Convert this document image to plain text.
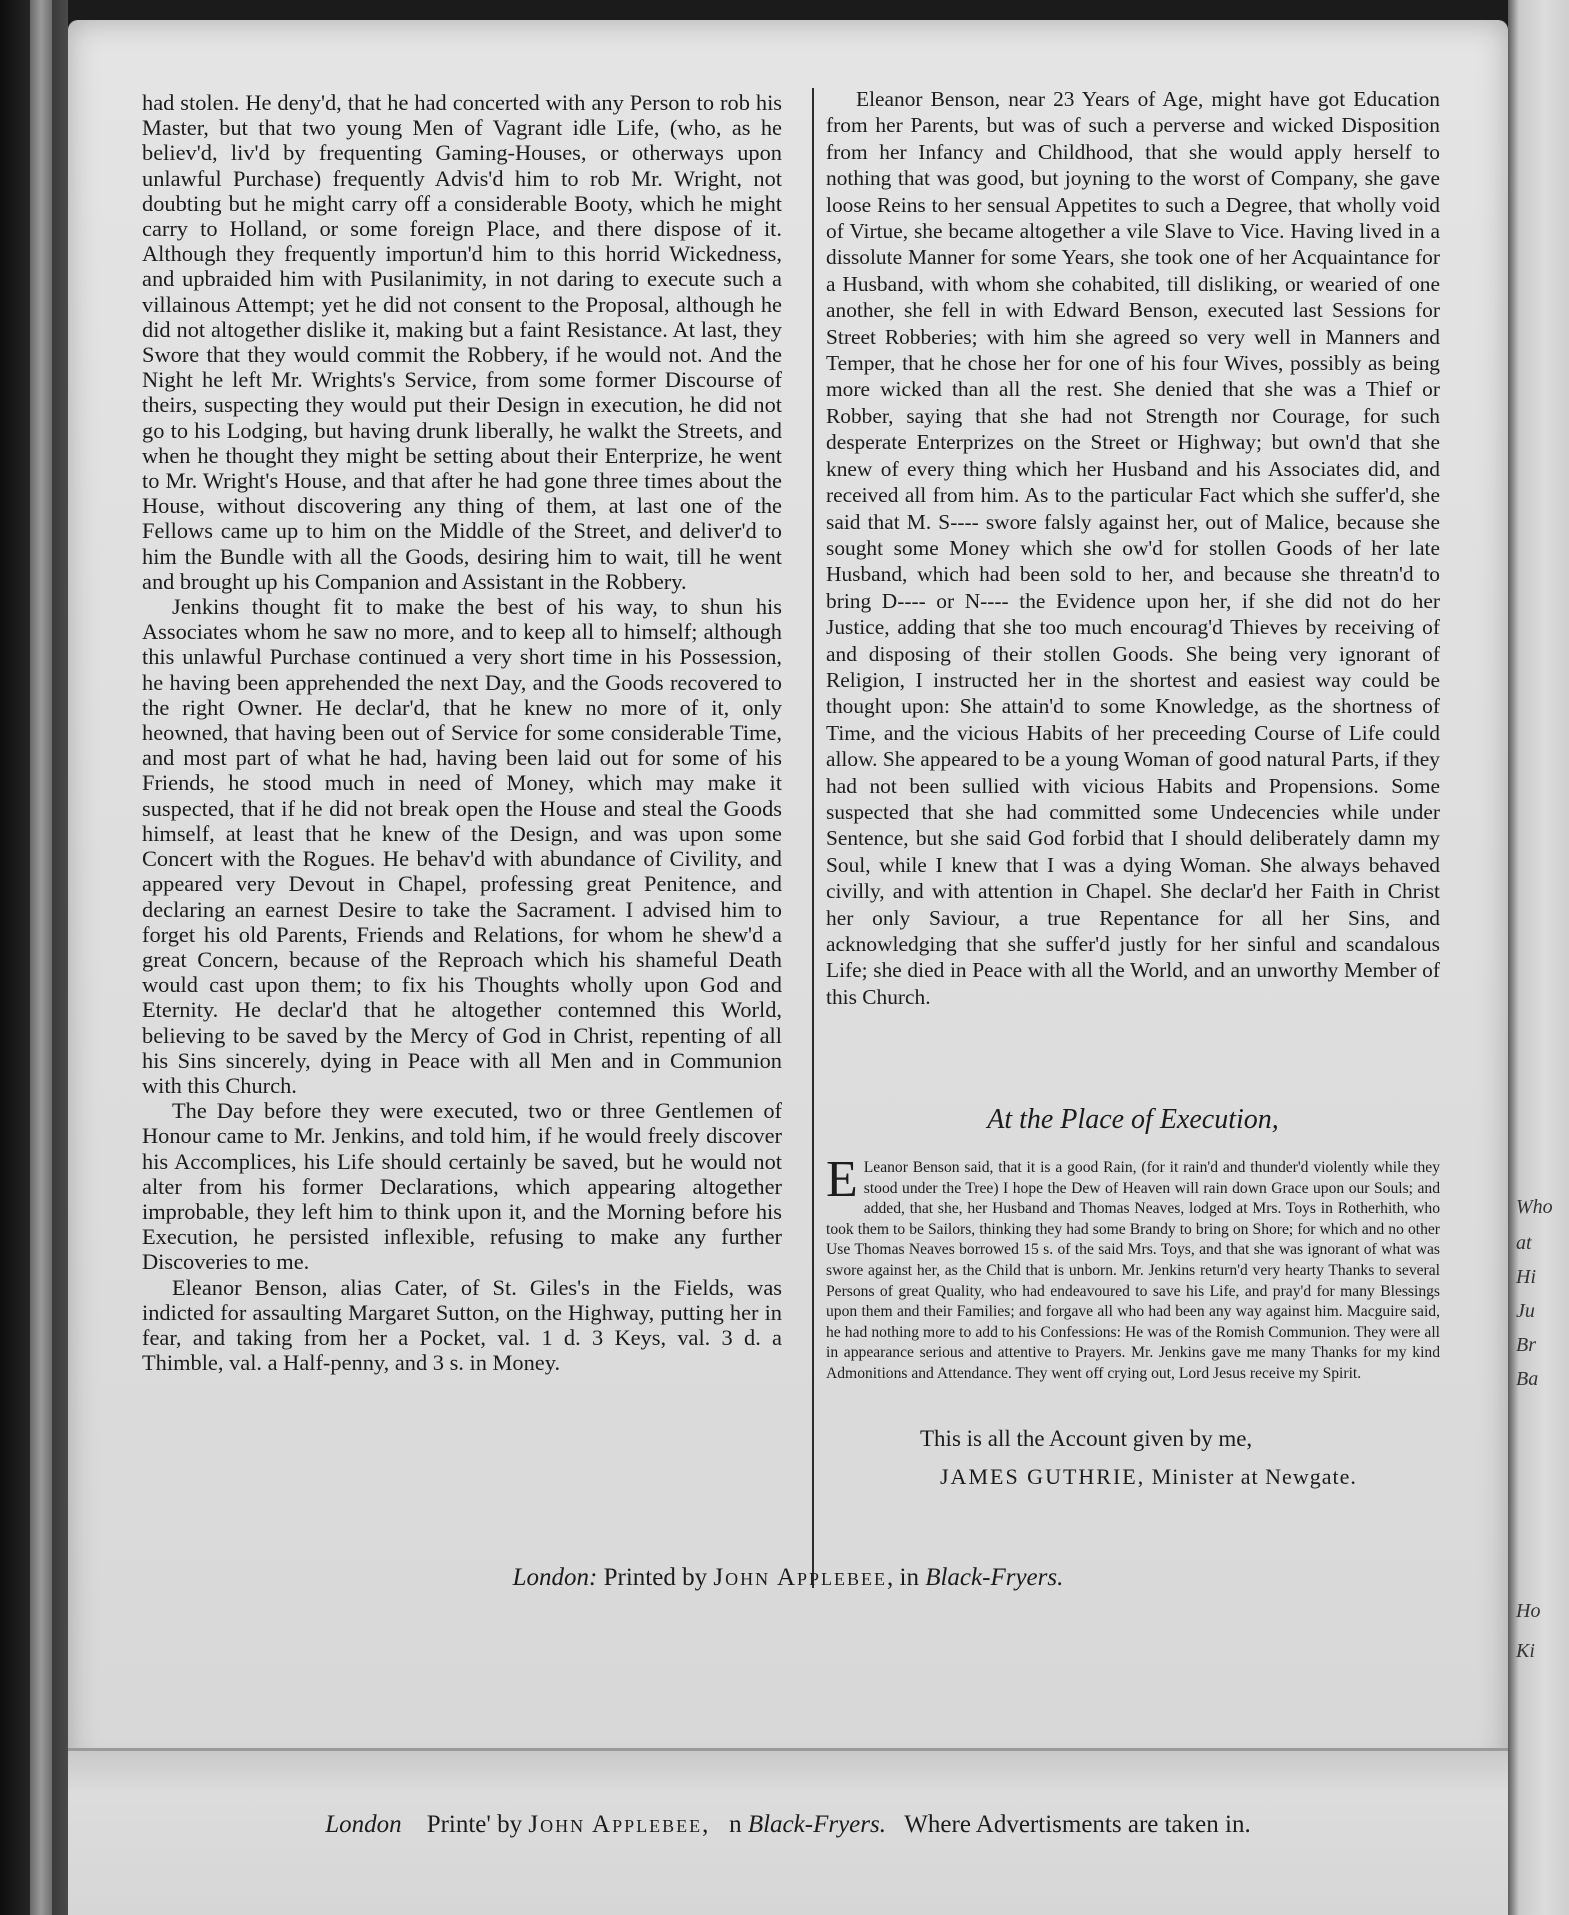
Who
at
Hi
Ju
Br
Ba
Ho
Ki

had stolen. He deny'd, that he had concerted with any Person to rob his Master, but that two young Men of Vagrant idle Life, (who, as he believ'd, liv'd by frequenting Gaming-Houses, or otherways upon unlawful Purchase) frequently Advis'd him to rob Mr. Wright, not doubting but he might carry off a considerable Booty, which he might carry to Holland, or some foreign Place, and there dispose of it. Although they frequently importun'd him to this horrid Wickedness, and upbraided him with Pusilanimity, in not daring to execute such a villainous Attempt; yet he did not consent to the Proposal, although he did not altogether dislike it, making but a faint Resistance. At last, they Swore that they would commit the Robbery, if he would not. And the Night he left Mr. Wrights's Service, from some former Discourse of theirs, suspecting they would put their Design in execution, he did not go to his Lodging, but having drunk liberally, he walkt the Streets, and when he thought they might be setting about their Enterprize, he went to Mr. Wright's House, and that after he had gone three times about the House, without discovering any thing of them, at last one of the Fellows came up to him on the Middle of the Street, and deliver'd to him the Bundle with all the Goods, desiring him to wait, till he went and brought up his Companion and Assistant in the Robbery.

Jenkins thought fit to make the best of his way, to shun his Associates whom he saw no more, and to keep all to himself; although this unlawful Purchase continued a very short time in his Possession, he having been apprehended the next Day, and the Goods recovered to the right Owner. He declar'd, that he knew no more of it, only heowned, that having been out of Service for some considerable Time, and most part of what he had, having been laid out for some of his Friends, he stood much in need of Money, which may make it suspected, that if he did not break open the House and steal the Goods himself, at least that he knew of the Design, and was upon some Concert with the Rogues. He behav'd with abundance of Civility, and appeared very Devout in Chapel, professing great Penitence, and declaring an earnest Desire to take the Sacrament. I advised him to forget his old Parents, Friends and Relations, for whom he shew'd a great Concern, because of the Reproach which his shameful Death would cast upon them; to fix his Thoughts wholly upon God and Eternity. He declar'd that he altogether contemned this World, believing to be saved by the Mercy of God in Christ, repenting of all his Sins sincerely, dying in Peace with all Men and in Communion with this Church.

The Day before they were executed, two or three Gentlemen of Honour came to Mr. Jenkins, and told him, if he would freely discover his Accomplices, his Life should certainly be saved, but he would not alter from his former Declarations, which appearing altogether improbable, they left him to think upon it, and the Morning before his Execution, he persisted inflexible, refusing to make any further Discoveries to me.

Eleanor Benson, alias Cater, of St. Giles's in the Fields, was indicted for assaulting Margaret Sutton, on the Highway, putting her in fear, and taking from her a Pocket, val. 1 d. 3 Keys, val. 3 d. a Thimble, val. a Half-penny, and 3 s. in Money.

Eleanor Benson, near 23 Years of Age, might have got Education from her Parents, but was of such a perverse and wicked Disposition from her Infancy and Childhood, that she would apply herself to nothing that was good, but joyning to the worst of Company, she gave loose Reins to her sensual Appetites to such a Degree, that wholly void of Virtue, she became altogether a vile Slave to Vice. Having lived in a dissolute Manner for some Years, she took one of her Acquaintance for a Husband, with whom she cohabited, till disliking, or wearied of one another, she fell in with Edward Benson, executed last Sessions for Street Robberies; with him she agreed so very well in Manners and Temper, that he chose her for one of his four Wives, possibly as being more wicked than all the rest. She denied that she was a Thief or Robber, saying that she had not Strength nor Courage, for such desperate Enterprizes on the Street or Highway; but own'd that she knew of every thing which her Husband and his Associates did, and received all from him. As to the particular Fact which she suffer'd, she said that M. S---- swore falsly against her, out of Malice, because she sought some Money which she ow'd for stollen Goods of her late Husband, which had been sold to her, and because she threatn'd to bring D---- or N---- the Evidence upon her, if she did not do her Justice, adding that she too much encourag'd Thieves by receiving of and disposing of their stollen Goods. She being very ignorant of Religion, I instructed her in the shortest and easiest way could be thought upon: She attain'd to some Knowledge, as the shortness of Time, and the vicious Habits of her preceeding Course of Life could allow. She appeared to be a young Woman of good natural Parts, if they had not been sullied with vicious Habits and Propensions. Some suspected that she had committed some Undecencies while under Sentence, but she said God forbid that I should deliberately damn my Soul, while I knew that I was a dying Woman. She always behaved civilly, and with attention in Chapel. She declar'd her Faith in Christ her only Saviour, a true Repentance for all her Sins, and acknowledging that she suffer'd justly for her sinful and scandalous Life; she died in Peace with all the World, and an unworthy Member of this Church.

At the Place of Execution,
E Leanor Benson said, that it is a good Rain, (for it rain'd and thunder'd violently while they stood under the Tree) I hope the Dew of Heaven will rain down Grace upon our Souls; and added, that she, her Husband and Thomas Neaves, lodged at Mrs. Toys in Rotherhith, who took them to be Sailors, thinking they had some Brandy to bring on Shore; for which and no other Use Thomas Neaves borrowed 15 s. of the said Mrs. Toys, and that she was ignorant of what was swore against her, as the Child that is unborn. Mr. Jenkins return'd very hearty Thanks to several Persons of great Quality, who had endeavoured to save his Life, and pray'd for many Blessings upon them and their Families; and forgave all who had been any way against him. Macguire said, he had nothing more to add to his Confessions: He was of the Romish Communion. They were all in appearance serious and attentive to Prayers. Mr. Jenkins gave me many Thanks for my kind Admonitions and Attendance. They went off crying out, Lord Jesus receive my Spirit.
This is all the Account given by me,
JAMES GUTHRIE, Minister at Newgate.
London: Printed by John Applebee, in Black-Fryers.
London Printe' by John Applebee, n Black-Fryers. Where Advertisments are taken in.
